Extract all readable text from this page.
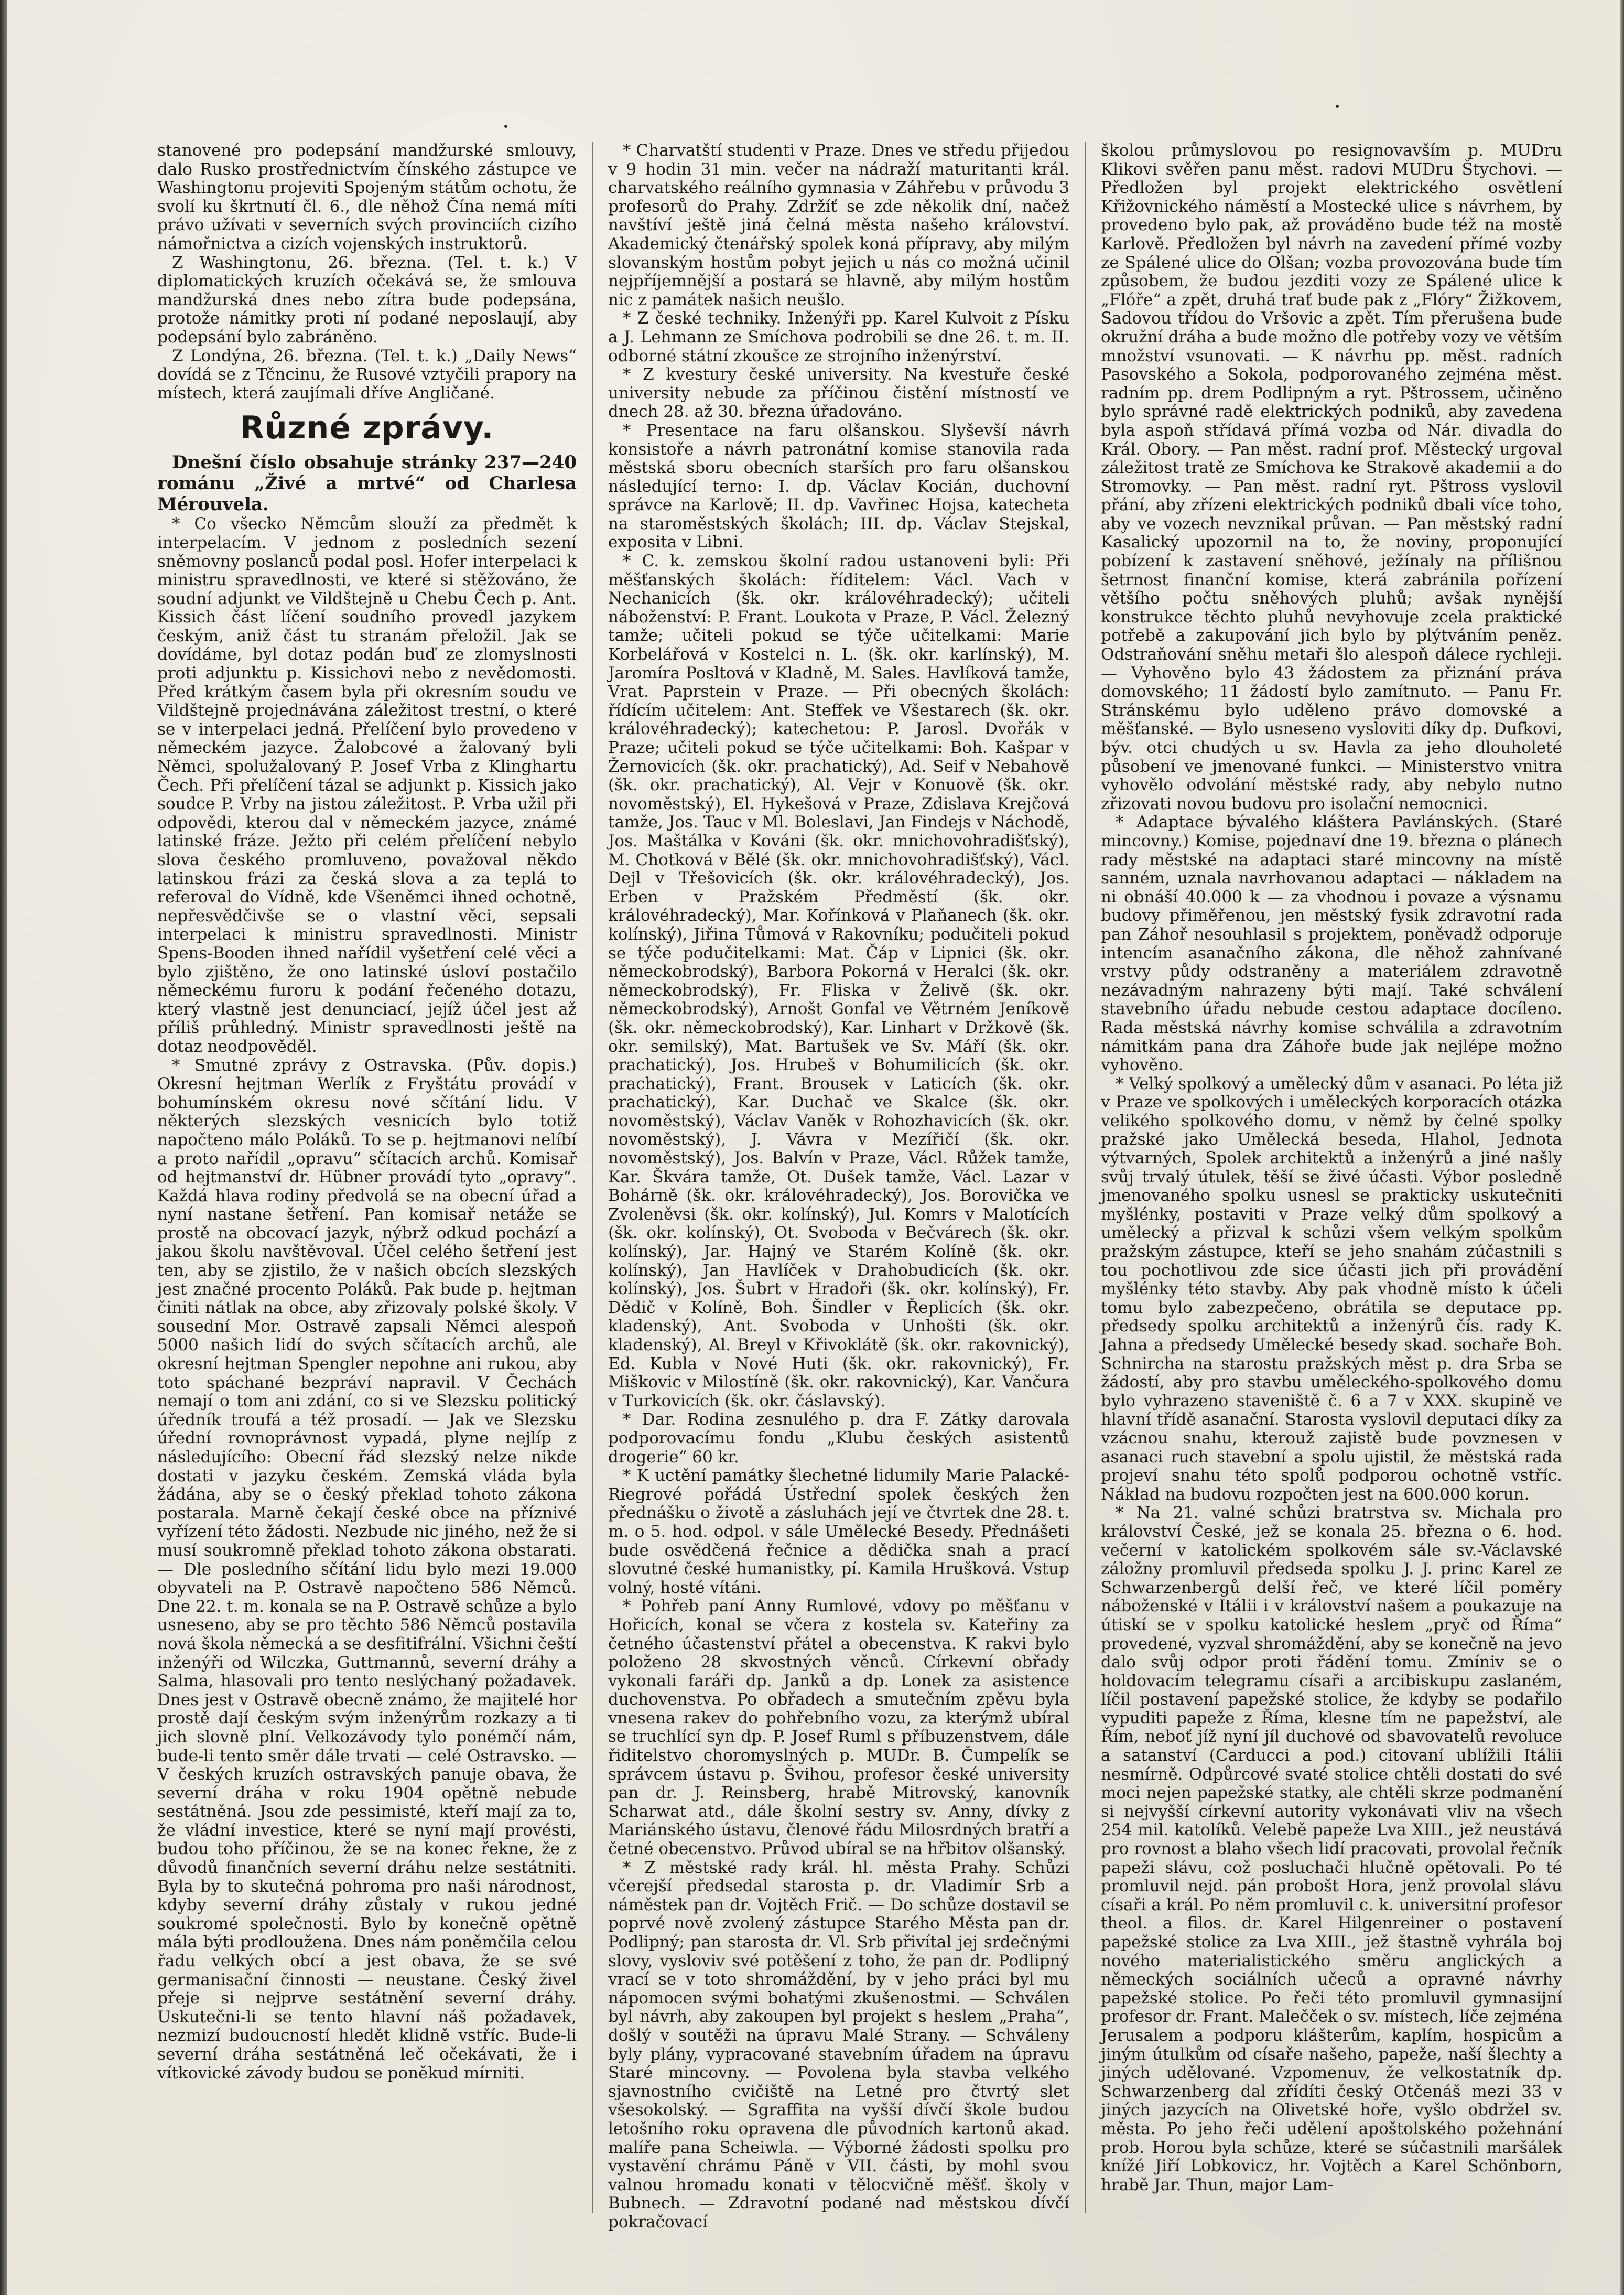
stanovené pro podepsání mandžurské smlouvy, dalo Rusko prostřednictvím čínského zástupce ve Washingtonu projeviti Spojeným státům ochotu, že svolí ku škrtnutí čl. 6., dle něhož Čína nemá míti právo užívati v severních svých provinciích cizího námořnictva a cizích vojenských instruktorů.

Z Washingtonu, 26. března. (Tel. t. k.) V diplomatických kruzích očekává se, že smlouva mandžurská dnes nebo zítra bude podepsána, protože námitky proti ní podané neposlaují, aby podepsání bylo zabráněno.

Z Londýna, 26. března. (Tel. t. k.) „Daily News“ dovídá se z Tčncinu, že Rusové vztyčili prapory na místech, která zaujímali dříve Angličané.

Různé zprávy.

Dnešní číslo obsahuje stránky 237—240 románu „Živé a mrtvé“ od Charlesa Mérouvela.

* Co všecko Němcům slouží za předmět k interpelacím. V jednom z posledních sezení sněmovny poslanců podal posl. Hofer interpelaci k ministru spravedlnosti, ve které si stěžováno, že soudní adjunkt ve Vildštejně u Chebu Čech p. Ant. Kissich část líčení soudního provedl jazykem českým, aniž část tu stranám přeložil. Jak se dovídáme, byl dotaz podán buď ze zlomyslnosti proti adjunktu p. Kissichovi nebo z nevědomosti. Před krátkým časem byla při okresním soudu ve Vildštejně projednávána záležitost trestní, o které se v interpelaci jedná. Přelíčení bylo provedeno v německém jazyce. Žalobcové a žalovaný byli Němci, spolužalovaný P. Josef Vrba z Klinghartu Čech. Při přelíčení tázal se adjunkt p. Kissich jako soudce P. Vrby na jistou záležitost. P. Vrba užil při odpovědi, kterou dal v německém jazyce, známé latinské fráze. Ježto při celém přelíčení nebylo slova českého promluveno, považoval někdo latinskou frázi za česká slova a za teplá to referoval do Vídně, kde Všeněmci ihned ochotně, nepřesvědčivše se o vlastní věci, sepsali interpelaci k ministru spravedlnosti. Ministr Spens-Booden ihned nařídil vyšetření celé věci a bylo zjištěno, že ono latinské úsloví postačilo německému furoru k podání řečeného dotazu, který vlastně jest denunciací, jejíž účel jest až příliš průhledný. Ministr spravedlnosti ještě na dotaz neodpověděl.

* Smutné zprávy z Ostravska. (Pův. dopis.) Okresní hejtman Werlík z Fryštátu provádí v bohumínském okresu nové sčítání lidu. V některých slezských vesnicích bylo totiž napočteno málo Poláků. To se p. hejtmanovi nelíbí a proto nařídil „opravu“ sčítacích archů. Komisař od hejtmanství dr. Hübner provádí tyto „opravy“. Každá hlava rodiny předvolá se na obecní úřad a nyní nastane šetření. Pan komisař netáže se prostě na obcovací jazyk, nýbrž odkud pochází a jakou školu navštěvoval. Účel celého šetření jest ten, aby se zjistilo, že v našich obcích slezských jest značné procento Poláků. Pak bude p. hejtman činiti nátlak na obce, aby zřizovaly polské školy. V sousední Mor. Ostravě zapsali Němci alespoň 5000 našich lidí do svých sčítacích archů, ale okresní hejtman Spengler nepohne ani rukou, aby toto spáchané bezpráví napravil. V Čechách nemají o tom ani zdání, co si ve Slezsku politický úředník troufá a též prosadí. — Jak ve Slezsku úřední rovnoprávnost vypadá, plyne nejlíp z následujícího: Obecní řád slezský nelze nikde dostati v jazyku českém. Zemská vláda byla žádána, aby se o český překlad tohoto zákona postarala. Marně čekají české obce na příznivé vyřízení této žádosti. Nezbude nic jiného, než že si musí soukromně překlad tohoto zákona obstarati. — Dle posledního sčítání lidu bylo mezi 19.000 obyvateli na P. Ostravě napočteno 586 Němců. Dne 22. t. m. konala se na P. Ostravě schůze a bylo usneseno, aby se pro těchto 586 Němců postavila nová škola německá a se desfitifrální. Všichni čeští inženýři od Wilczka, Guttmannů, severní dráhy a Salma, hlasovali pro tento neslýchaný požadavek. Dnes jest v Ostravě obecně známo, že majitelé hor prostě dají českým svým inženýrům rozkazy a ti jich slovně plní. Velkozávody tylo ponémčí nám, bude-li tento směr dále trvati — celé Ostravsko. — V českých kruzích ostravských panuje obava, že severní dráha v roku 1904 opětně nebude sestátněná. Jsou zde pessimisté, kteří mají za to, že vládní investice, které se nyní mají provésti, budou toho příčinou, že se na konec řekne, že z důvodů finančních severní dráhu nelze sestátniti. Byla by to skutečná pohroma pro naši národnost, kdyby severní dráhy zůstaly v rukou jedné soukromé společnosti. Bylo by konečně opětně mála býti prodloužena. Dnes nám poněmčila celou řadu velkých obcí a jest obava, že se své germanisační činnosti — neustane. Český živel přeje si nejprve sestátnění severní dráhy. Uskutečni-li se tento hlavní náš požadavek, nezmizí budoucností hledět klidně vstříc. Bude-li severní dráha sestátněná leč očekávati, že i vítkovické závody budou se poněkud mírniti.

* Charvatští studenti v Praze. Dnes ve středu přijedou v 9 hodin 31 min. večer na nádraží maturitanti král. charvatského reálního gymnasia v Záhřebu v průvodu 3 profesorů do Prahy. Zdržíť se zde několik dní, načež navštíví ještě jiná čelná města našeho království. Akademický čtenářský spolek koná přípravy, aby milým slovanským hostům pobyt jejich u nás co možná učinil nejpříjemnější a postará se hlavně, aby milým hostům nic z památek našich neušlo.

* Z české techniky. Inženýři pp. Karel Kulvoit z Písku a J. Lehmann ze Smíchova podrobili se dne 26. t. m. II. odborné státní zkoušce ze strojního inženýrství.

* Z kvestury české university. Na kvestuře české university nebude za příčinou čistění místností ve dnech 28. až 30. března úřadováno.

* Presentace na faru olšanskou. Slyševší návrh konsistoře a návrh patronátní komise stanovila rada městská sboru obecních starších pro faru olšanskou následující terno: I. dp. Václav Kocián, duchovní správce na Karlově; II. dp. Vavřinec Hojsa, katecheta na staroměstských školách; III. dp. Václav Stejskal, exposita v Libni.

* C. k. zemskou školní radou ustanoveni byli: Při měšťanských školách: říditelem: Václ. Vach v Nechanicích (šk. okr. královéhradecký); učiteli náboženství: P. Frant. Loukota v Praze, P. Václ. Železný tamže; učiteli pokud se týče učitelkami: Marie Korbelářová v Kostelci n. L. (šk. okr. karlínský), M. Jaromíra Posltová v Kladně, M. Sales. Havlíková tamže, Vrat. Paprstein v Praze. — Při obecných školách: řídícím učitelem: Ant. Steffek ve Všestarech (šk. okr. královéhradecký); katechetou: P. Jarosl. Dvořák v Praze; učiteli pokud se týče učitelkami: Boh. Kašpar v Žernovicích (šk. okr. prachatický), Ad. Seif v Nebahově (šk. okr. prachatický), Al. Vejr v Konuově (šk. okr. novoměstský), El. Hykešová v Praze, Zdislava Krejčová tamže, Jos. Tauc v Ml. Boleslavi, Jan Findejs v Náchodě, Jos. Maštálka v Kováni (šk. okr. mnichovohradišťský), M. Chotková v Bělé (šk. okr. mnichovohradišťský), Václ. Dejl v Třešovicích (šk. okr. královéhradecký), Jos. Erben v Pražském Předměstí (šk. okr. královéhradecký), Mar. Kořínková v Plaňanech (šk. okr. kolínský), Jiřina Tůmová v Rakovníku; podučiteli pokud se týče podučitelkami: Mat. Čáp v Lipnici (šk. okr. německobrodský), Barbora Pokorná v Heralci (šk. okr. německobrodský), Fr. Fliska v Želivě (šk. okr. německobrodský), Arnošt Gonfal ve Větrném Jeníkově (šk. okr. německobrodský), Kar. Linhart v Držkově (šk. okr. semilský), Mat. Bartušek ve Sv. Máří (šk. okr. prachatický), Jos. Hrubeš v Bohumilicích (šk. okr. prachatický), Frant. Brousek v Laticích (šk. okr. prachatický), Kar. Duchač ve Skalce (šk. okr. novoměstský), Václav Vaněk v Rohozhavicích (šk. okr. novoměstský), J. Vávra v Mezířičí (šk. okr. novoměstský), Jos. Balvín v Praze, Václ. Růžek tamže, Kar. Škvára tamže, Ot. Dušek tamže, Václ. Lazar v Bohárně (šk. okr. královéhradecký), Jos. Borovička ve Zvoleněvsi (šk. okr. kolínský), Jul. Komrs v Malotících (šk. okr. kolínský), Ot. Svoboda v Bečvárech (šk. okr. kolínský), Jar. Hajný ve Starém Kolíně (šk. okr. kolínský), Jan Havlíček v Drahobudicích (šk. okr. kolínský), Jos. Šubrt v Hradoři (šk. okr. kolínský), Fr. Dědič v Kolíně, Boh. Šindler v Řeplicích (šk. okr. kladenský), Ant. Svoboda v Unhošti (šk. okr. kladenský), Al. Breyl v Křivoklátě (šk. okr. rakovnický), Ed. Kubla v Nové Huti (šk. okr. rakovnický), Fr. Miškovic v Milostíně (šk. okr. rakovnický), Kar. Vančura v Turkovicích (šk. okr. čáslavský).

* Dar. Rodina zesnulého p. dra F. Zátky darovala podporovacímu fondu „Klubu českých asistentů drogerie“ 60 kr.

* K uctění památky šlechetné lidumily Marie Palacké-Riegrové pořádá Ústřední spolek českých žen přednášku o životě a zásluhách její ve čtvrtek dne 28. t. m. o 5. hod. odpol. v sále Umělecké Besedy. Přednášeti bude osvědčená řečnice a dědička snah a prací slovutné české humanistky, pí. Kamila Hrušková. Vstup volný, hosté vítáni.

* Pohřeb paní Anny Rumlové, vdovy po měšťanu v Hořicích, konal se včera z kostela sv. Kateřiny za četného účastenství přátel a obecenstva. K rakvi bylo položeno 28 skvostných věnců. Církevní obřady vykonali faráři dp. Janků a dp. Lonek za asistence duchovenstva. Po obřadech a smutečním zpěvu byla vnesena rakev do pohřebního vozu, za kterýmž ubíral se truchlící syn dp. P. Josef Ruml s příbuzenstvem, dále řiditelstvo choromyslných p. MUDr. B. Čumpelík se správcem ústavu p. Švihou, profesor české university pan dr. J. Reinsberg, hrabě Mitrovský, kanovník Scharwat atd., dále školní sestry sv. Anny, dívky z Mariánského ústavu, členové řádu Milosrdných bratří a četné obecenstvo. Průvod ubíral se na hřbitov olšanský.

* Z městské rady král. hl. města Prahy. Schůzi včerejší předsedal starosta p. dr. Vladimír Srb a náměstek pan dr. Vojtěch Frič. — Do schůze dostavil se poprvé nově zvolený zástupce Starého Města pan dr. Podlipný; pan starosta dr. Vl. Srb přivítal jej srdečnými slovy, vysloviv své potěšení z toho, že pan dr. Podlipný vrací se v toto shromáždění, by v jeho práci byl mu nápomocen svými bohatými zkušenostmi. — Schválen byl návrh, aby zakoupen byl projekt s heslem „Praha“, došlý v soutěži na úpravu Malé Strany. — Schváleny byly plány, vypracované stavebním úřadem na úpravu Staré mincovny. — Povolena byla stavba velkého sjavnostního cvičiště na Letné pro čtvrtý slet všesokolský. — Sgraffita na vyšší dívčí škole budou letošního roku opravena dle původních kartonů akad. malíře pana Scheiwla. — Výborné žádosti spolku pro vystavění chrámu Páně v VII. části, by mohl svou valnou hromadu konati v tělocvičně měšť. školy v Bubnech. — Zdravotní podané nad městskou dívčí pokračovací

školou průmyslovou po resignovavším p. MUDru Klikovi svěřen panu měst. radovi MUDru Štychovi. — Předložen byl projekt elektrického osvětlení Křižovnického náměstí a Mostecké ulice s návrhem, by provedeno bylo pak, až prováděno bude též na mostě Karlově. Předložen byl návrh na zavedení přímé vozby ze Spálené ulice do Olšan; vozba provozována bude tím způsobem, že budou jezditi vozy ze Spálené ulice k „Flóře“ a zpět, druhá trať bude pak z „Flóry“ Žižkovem, Sadovou třídou do Vršovic a zpět. Tím přerušena bude okružní dráha a bude možno dle potřeby vozy ve větším množství vsunovati. — K návrhu pp. měst. radních Pasovského a Sokola, podporovaného zejména měst. radním pp. drem Podlipným a ryt. Pštrossem, učiněno bylo správné radě elektrických podniků, aby zavedena byla aspoň střídavá přímá vozba od Nár. divadla do Král. Obory. — Pan měst. radní prof. Městecký urgoval záležitost tratě ze Smíchova ke Strakově akademii a do Stromovky. — Pan měst. radní ryt. Pštross vyslovil přání, aby zřízeni elektrických podniků dbali více toho, aby ve vozech nevznikal průvan. — Pan městský radní Kasalický upozornil na to, že noviny, proponující pobízení k zastavení sněhové, ježínaly na přílišnou šetrnost finanční komise, která zabránila pořízení většího počtu sněhových pluhů; avšak nynější konstrukce těchto pluhů nevyhovuje zcela praktické potřebě a zakupování jich bylo by plýtváním peněz. Odstraňování sněhu metaři šlo alespoň dálece rychleji. — Vyhověno bylo 43 žádostem za přiznání práva domovského; 11 žádostí bylo zamítnuto. — Panu Fr. Stránskému bylo uděleno právo domovské a měšťanské. — Bylo usneseno vysloviti díky dp. Dufkovi, býv. otci chudých u sv. Havla za jeho dlouholeté působení ve jmenované funkci. — Ministerstvo vnitra vyhovělo odvolání městské rady, aby nebylo nutno zřizovati novou budovu pro isolační nemocnici.

* Adaptace bývalého kláštera Pavlánských. (Staré mincovny.) Komise, pojednaví dne 19. března o plánech rady městské na adaptaci staré mincovny na místě sanném, uznala navrhovanou adaptaci — nákladem na ni obnáší 40.000 k — za vhodnou i povaze a výsnamu budovy přiměřenou, jen městský fysik zdravotní rada pan Záhoř nesouhlasil s projektem, poněvadž odporuje intencím asanačního zákona, dle něhož zahnívané vrstvy půdy odstraněny a materiálem zdravotně nezávadným nahrazeny býti mají. Také schválení stavebního úřadu nebude cestou adaptace docíleno. Rada městská návrhy komise schválila a zdravotním námitkám pana dra Záhoře bude jak nejlépe možno vyhověno.

* Velký spolkový a umělecký dům v asanaci. Po léta již v Praze ve spolkových i uměleckých korporacích otázka velikého spolkového domu, v němž by čelné spolky pražské jako Umělecká beseda, Hlahol, Jednota výtvarných, Spolek architektů a inženýrů a jiné našly svůj trvalý útulek, těší se živé účasti. Výbor posledně jmenovaného spolku usnesl se prakticky uskutečniti myšlénky, postaviti v Praze velký dům spolkový a umělecký a přizval k schůzi všem velkým spolkům pražským zástupce, kteří se jeho snahám zúčastnili s tou pochotlivou zde sice účasti jich při provádění myšlénky této stavby. Aby pak vhodně místo k účeli tomu bylo zabezpečeno, obrátila se deputace pp. předsedy spolku architektů a inženýrů čís. rady K. Jahna a předsedy Umělecké besedy skad. sochaře Boh. Schnircha na starostu pražských měst p. dra Srba se žádostí, aby pro stavbu uměleckého-spolkového domu bylo vyhrazeno staveniště č. 6 a 7 v XXX. skupině ve hlavní třídě asanační. Starosta vyslovil deputaci díky za vzácnou snahu, kterouž zajistě bude povznesen v asanaci ruch stavební a spolu ujistil, že městská rada projeví snahu této spolů podporou ochotně vstříc. Náklad na budovu rozpočten jest na 600.000 korun.

* Na 21. valné schůzi bratrstva sv. Michala pro království České, jež se konala 25. března o 6. hod. večerní v katolickém spolkovém sále sv.-Václavské záložny promluvil předseda spolku J. J. princ Karel ze Schwarzenbergů delší řeč, ve které líčil poměry náboženské v Itálii i v království našem a poukazuje na útiskí se v spolku katolické heslem „pryč od Říma“ provedené, vyzval shromáždění, aby se konečně na jevo dalo svůj odpor proti řádění tomu. Zmíniv se o holdovacím telegramu císaři a arcibiskupu zaslaném, líčil postavení papežské stolice, že kdyby se podařilo vypuditi papeže z Říma, klesne tím ne papežství, ale Řím, neboť jíž nyní jíl duchové od sbavovatelů revoluce a satanství (Carducci a pod.) citovaní ublížili Itálii nesmírně. Odpůrcové svaté stolice chtěli dostati do své moci nejen papežské statky, ale chtěli skrze podmanění si nejvyšší církevní autority vykonávati vliv na všech 254 mil. katolíků. Velebě papeže Lva XIII., jež neustává pro rovnost a blaho všech lidí pracovati, provolal řečník papeži slávu, což posluchači hlučně opětovali. Po té promluvil nejd. pán probošt Hora, jenž provolal slávu císaři a král. Po něm promluvil c. k. universitní profesor theol. a filos. dr. Karel Hilgenreiner o postavení papežské stolice za Lva XIII., jež štastně vyhrála boj nového materialistického směru anglických a německých sociálních učeců a opravné návrhy papežské stolice. Po řeči této promluvil gymnasijní profesor dr. Frant. Malečček o sv. místech, líče zejména Jerusalem a podporu klášterům, kaplím, hospicům a jiným útulkům od císaře našeho, papeže, naší šlechty a jiných udělované. Vzpomenuv, že velkostatník dp. Schwarzenberg dal zřídíti český Otčenáš mezi 33 v jiných jazycích na Olivetské hoře, vyšlo obdržel sv. města. Po jeho řeči udělení apoštolského požehnání prob. Horou byla schůze, které se súčastnili maršálek knížé Jiří Lobkovicz, hr. Vojtěch a Karel Schönborn, hrabě Jar. Thun, major Lam-
